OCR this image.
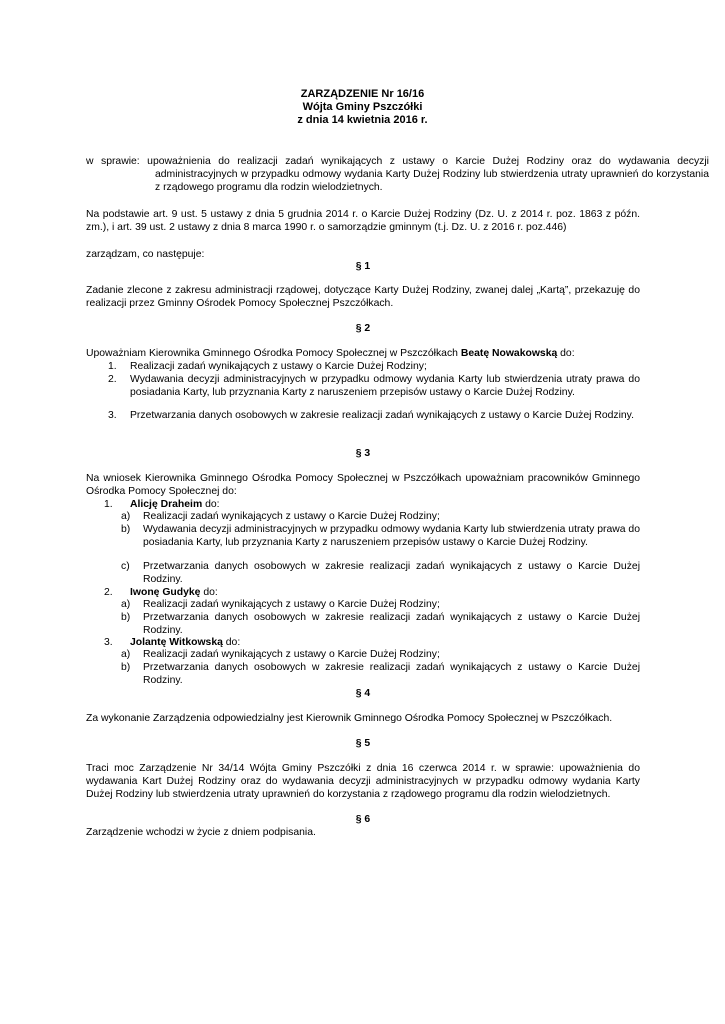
ZARZĄDZENIE Nr 16/16
Wójta Gminy Pszczółki
z dnia 14 kwietnia 2016 r.
w sprawie: upoważnienia do realizacji zadań wynikających z ustawy o Karcie Dużej Rodziny oraz do wydawania decyzji administracyjnych w przypadku odmowy wydania Karty Dużej Rodziny lub stwierdzenia utraty uprawnień do korzystania z rządowego programu dla rodzin wielodzietnych.
Na podstawie art. 9 ust. 5 ustawy z dnia 5 grudnia 2014 r. o Karcie Dużej Rodziny (Dz. U. z 2014 r. poz. 1863 z późn. zm.), i art. 39 ust. 2 ustawy z dnia 8 marca 1990 r. o samorządzie gminnym (t.j. Dz. U. z 2016 r. poz.446)
zarządzam, co następuje:
§ 1
Zadanie zlecone z zakresu administracji rządowej, dotyczące Karty Dużej Rodziny, zwanej dalej „Kartą”, przekazuję do realizacji przez Gminny Ośrodek Pomocy Społecznej Pszczółkach.
§ 2
Upoważniam Kierownika Gminnego Ośrodka Pomocy Społecznej w Pszczółkach Beatę Nowakowską do:
1. Realizacji zadań wynikających z ustawy o Karcie Dużej Rodziny;
2. Wydawania decyzji administracyjnych w przypadku odmowy wydania Karty lub stwierdzenia utraty prawa do posiadania Karty, lub przyznania Karty z naruszeniem przepisów ustawy o Karcie Dużej Rodziny.
3. Przetwarzania danych osobowych w zakresie realizacji zadań wynikających z ustawy o Karcie Dużej Rodziny.
§ 3
Na wniosek Kierownika Gminnego Ośrodka Pomocy Społecznej w Pszczółkach upoważniam pracowników Gminnego Ośrodka Pomocy Społecznej do:
1. Alicję Draheim do:
a) Realizacji zadań wynikających z ustawy o Karcie Dużej Rodziny;
b) Wydawania decyzji administracyjnych w przypadku odmowy wydania Karty lub stwierdzenia utraty prawa do posiadania Karty, lub przyznania Karty z naruszeniem przepisów ustawy o Karcie Dużej Rodziny.
c) Przetwarzania danych osobowych w zakresie realizacji zadań wynikających z ustawy o Karcie Dużej Rodziny.
2. Iwonę Gudykę do:
a) Realizacji zadań wynikających z ustawy o Karcie Dużej Rodziny;
b) Przetwarzania danych osobowych w zakresie realizacji zadań wynikających z ustawy o Karcie Dużej Rodziny.
3. Jolantę Witkowską do:
a) Realizacji zadań wynikających z ustawy o Karcie Dużej Rodziny;
b) Przetwarzania danych osobowych w zakresie realizacji zadań wynikających z ustawy o Karcie Dużej Rodziny.
§ 4
Za wykonanie Zarządzenia odpowiedzialny jest Kierownik Gminnego Ośrodka Pomocy Społecznej w Pszczółkach.
§ 5
Traci moc Zarządzenie Nr 34/14 Wójta Gminy Pszczółki z dnia 16 czerwca 2014 r. w sprawie: upoważnienia do wydawania Kart Dużej Rodziny oraz do wydawania decyzji administracyjnych w przypadku odmowy wydania Karty Dużej Rodziny lub stwierdzenia utraty uprawnień do korzystania z rządowego programu dla rodzin wielodzietnych.
§ 6
Zarządzenie wchodzi w życie z dniem podpisania.
